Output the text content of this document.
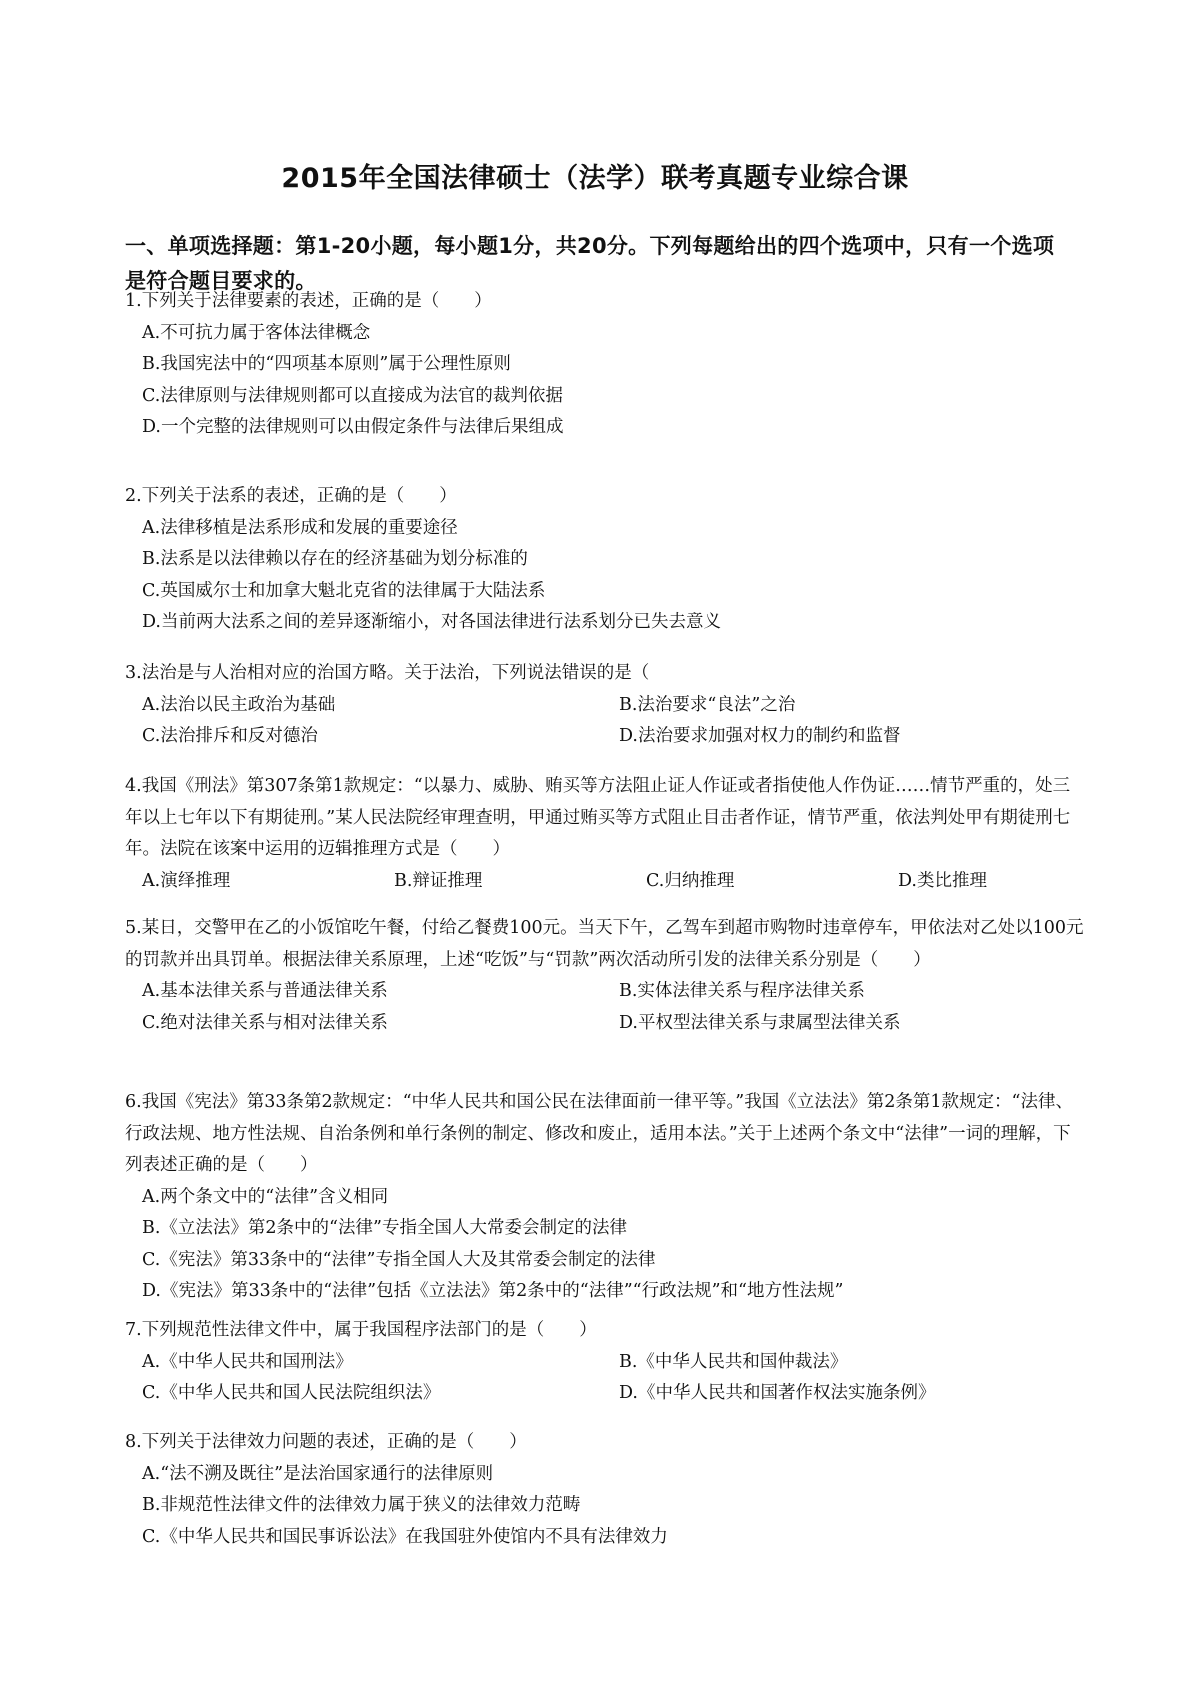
2015年全国法律硕士（法学）联考真题专业综合课
一、单项选择题：第1-20小题，每小题1分，共20分。下列每题给出的四个选项中，只有一个选项是符合题目要求的。

1.下列关于法律要素的表述，正确的是（　　）

A.不可抗力属于客体法律概念

B.我国宪法中的“四项基本原则”属于公理性原则

C.法律原则与法律规则都可以直接成为法官的裁判依据

D.一个完整的法律规则可以由假定条件与法律后果组成

2.下列关于法系的表述，正确的是（　　）

A.法律移植是法系形成和发展的重要途径

B.法系是以法律赖以存在的经济基础为划分标准的

C.英国威尔士和加拿大魁北克省的法律属于大陆法系

D.当前两大法系之间的差异逐渐缩小，对各国法律进行法系划分已失去意义

3.法治是与人治相对应的治国方略。关于法治，下列说法错误的是（

A.法治以民主政治为基础	B.法治要求“良法”之治
C.法治排斥和反对德治	D.法治要求加强对权力的制约和监督

4.我国《刑法》第307条第1款规定：“以暴力、威胁、贿买等方法阻止证人作证或者指使他人作伪证……情节严重的，处三年以上七年以下有期徒刑。”某人民法院经审理查明，甲通过贿买等方式阻止目击者作证，情节严重，依法判处甲有期徒刑七年。法院在该案中运用的迈辑推理方式是（　　）

A.演绎推理	B.辩证推理	C.归纳推理	D.类比推理

5.某日，交警甲在乙的小饭馆吃午餐，付给乙餐费100元。当天下午，乙驾车到超市购物时违章停车，甲依法对乙处以100元的罚款并出具罚单。根据法律关系原理，上述“吃饭”与“罚款”两次活动所引发的法律关系分别是（　　）

A.基本法律关系与普通法律关系	B.实体法律关系与程序法律关系
C.绝对法律关系与相对法律关系	D.平权型法律关系与隶属型法律关系

6.我国《宪法》第33条第2款规定：“中华人民共和国公民在法律面前一律平等。”我国《立法法》第2条第1款规定：“法律、行政法规、地方性法规、自治条例和单行条例的制定、修改和废止，适用本法。”关于上述两个条文中“法律”一词的理解，下列表述正确的是（　　）

A.两个条文中的“法律”含义相同

B.《立法法》第2条中的“法律”专指全国人大常委会制定的法律

C.《宪法》第33条中的“法律”专指全国人大及其常委会制定的法律

D.《宪法》第33条中的“法律”包括《立法法》第2条中的“法律”“行政法规”和“地方性法规”

7.下列规范性法律文件中，属于我国程序法部门的是（　　）

A.《中华人民共和国刑法》	B.《中华人民共和国仲裁法》
C.《中华人民共和国人民法院组织法》	D.《中华人民共和国著作权法实施条例》

8.下列关于法律效力问题的表述，正确的是（　　）

A.“法不溯及既往”是法治国家通行的法律原则

B.非规范性法律文件的法律效力属于狭义的法律效力范畴

C.《中华人民共和国民事诉讼法》在我国驻外使馆内不具有法律效力
